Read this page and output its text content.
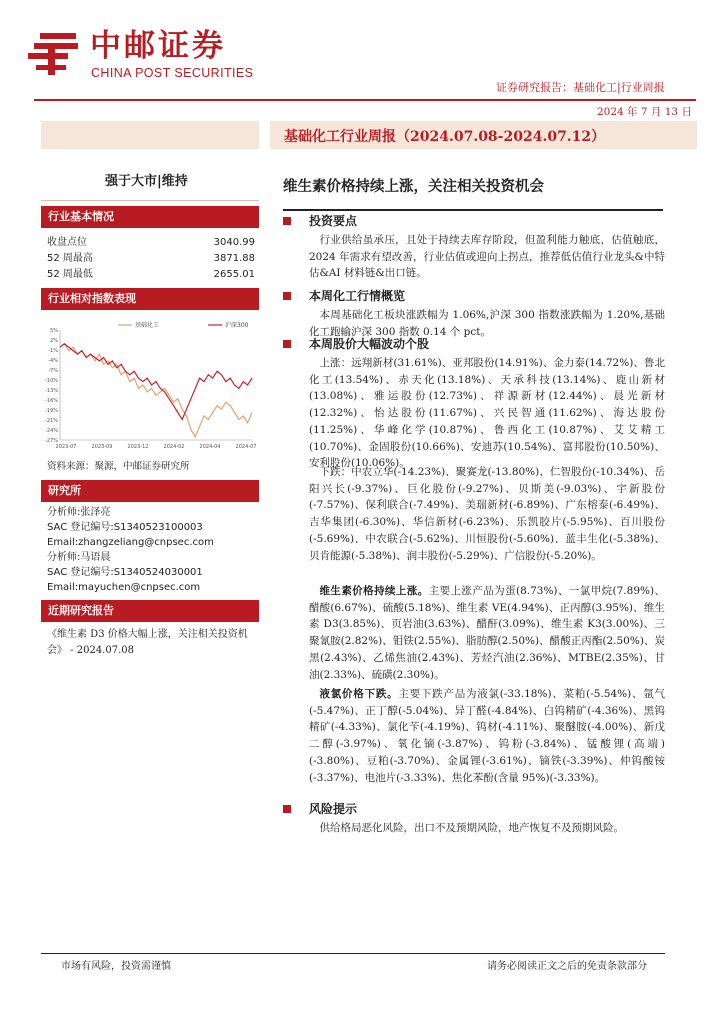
中邮证券
CHINA POST SECURITIES
证券研究报告：基础化工|行业周报
2024 年 7 月 13 日
基础化工行业周报（2024.07.08-2024.07.12）
强于大市|维持	维生素价格持续上涨，关注相关投资机会
行业基本情况
收盘点位	3040.99
52 周最高	3871.88
52 周最低	2655.01
行业相对指数表现
5%
2%
-1%
-4%
-7%
-10%
-13%
-16%
-19%
-21%
-24%
-27%
2023-07	2023-09	2023-12	2024-02	2024-04	2024-07
基础化工	沪深300
资料来源：聚源，中邮证券研究所
研究所
分析师:张泽亮
SAC 登记编号:S1340523100003
Email:zhangzeliang@cnpsec.com
分析师:马语晨
SAC 登记编号:S1340524030001
Email:mayuchen@cnpsec.com
近期研究报告
《维生素 D3 价格大幅上涨，关注相关投资机会》 - 2024.07.08
投资要点
行业供给虽承压，且处于持续去库存阶段，但盈利能力触底，估值触底，2024 年需求有望改善，行业估值或迎向上拐点，推荐低估值行业龙头&中特估&AI 材料链&出口链。
本周化工行情概览
本周基础化工板块涨跌幅为 1.06%,沪深 300 指数涨跌幅为 1.20%,基础化工跑输沪深 300 指数 0.14 个 pct。
本周股价大幅波动个股
上涨：远翔新材(31.61%)、亚邦股份(14.91%)、金力泰(14.72%)、鲁北化工(13.54%)、赤天化(13.18%)、天承科技(13.14%)、鹿山新材(13.08%)、雅运股份(12.73%)、祥源新材(12.44%)、晨光新材(12.32%)、怡达股份(11.67%)、兴民智通(11.62%)、海达股份(11.25%)、华峰化学(10.87%)、鲁西化工(10.87%)、艾艾精工(10.70%)、金固股份(10.66%)、安迪苏(10.54%)、富邦股份(10.50%)、安利股份(10.06%)。
下跌：中农立华(-14.23%)、聚赛龙(-13.80%)、仁智股份(-10.34%)、岳阳兴长(-9.37%)、巨化股份(-9.27%)、贝斯美(-9.03%)、宇新股份(-7.57%)、保利联合(-7.49%)、美瑞新材(-6.89%)、广东榕泰(-6.49%)、吉华集团(-6.30%)、华信新材(-6.23%)、乐凯胶片(-5.95%)、百川股份(-5.69%)、中农联合(-5.62%)、川恒股份(-5.60%)、蓝丰生化(-5.38%)、贝肯能源(-5.38%)、润丰股份(-5.29%)、广信股份(-5.20%)。
维生素价格持续上涨。主要上涨产品为蛋(8.73%)、一氯甲烷(7.89%)、醋酸(6.67%)、硫酸(5.18%)、维生素 VE(4.94%)、正丙醇(3.95%)、维生素 D3(3.85%)、页岩油(3.63%)、醋酐(3.09%)、维生素 K3(3.00%)、三聚氰胺(2.82%)、钼铁(2.55%)、脂肪醇(2.50%)、醋酸正丙酯(2.50%)、炭黑(2.43%)、乙烯焦油(2.43%)、芳烃汽油(2.36%)、MTBE(2.35%)、甘油(2.33%)、硫磺(2.30%)。
液氯价格下跌。主要下跌产品为液氯(-33.18%)、菜粕(-5.54%)、氩气(-5.47%)、正丁醇(-5.04%)、异丁醛(-4.84%)、白钨精矿(-4.36%)、黑钨精矿(-4.33%)、氯化苄(-4.19%)、钨材(-4.11%)、聚醚胺(-4.00%)、新戊二醇(-3.97%)、氧化镝(-3.87%)、钨粉(-3.84%)、锰酸锂(高端)(-3.80%)、豆粕(-3.70%)、金属锂(-3.61%)、镝铁(-3.39%)、仲钨酸铵(-3.37%)、电池片(-3.33%)、焦化苯酚(含量 95%)(-3.33%)。
风险提示
供给格局恶化风险，出口不及预期风险，地产恢复不及预期风险。
市场有风险，投资需谨慎	请务必阅读正文之后的免责条款部分
